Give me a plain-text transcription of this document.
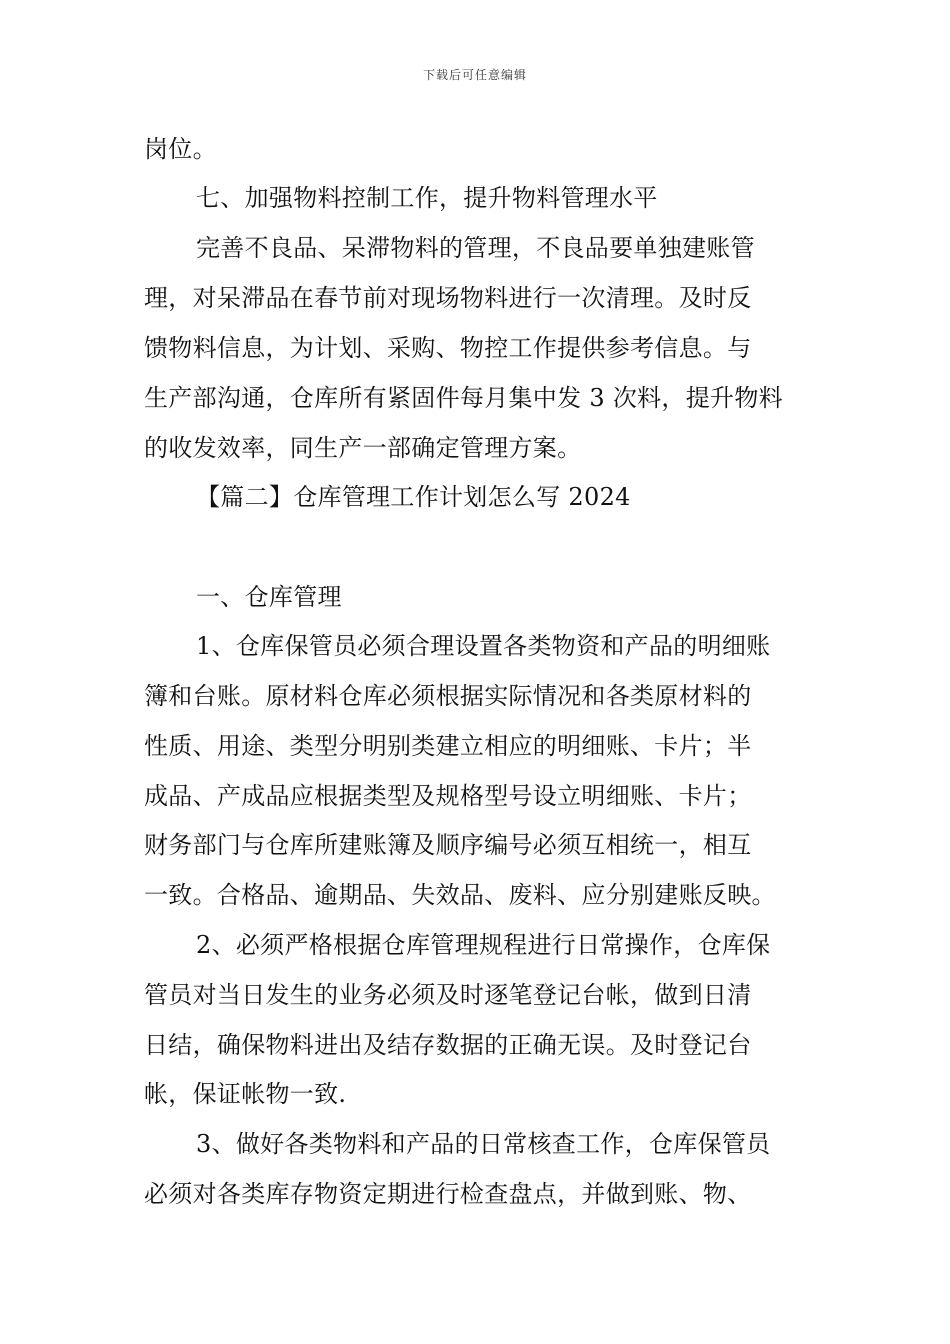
下载后可任意编辑
岗位。
七、加强物料控制工作，提升物料管理水平
完善不良品、呆滞物料的管理，不良品要单独建账管
理，对呆滞品在春节前对现场物料进行一次清理。及时反
馈物料信息，为计划、采购、物控工作提供参考信息。与
生产部沟通，仓库所有紧固件每月集中发 3 次料，提升物料
的收发效率，同生产一部确定管理方案。
【篇二】仓库管理工作计划怎么写 2024
一、仓库管理
1、仓库保管员必须合理设置各类物资和产品的明细账
簿和台账。原材料仓库必须根据实际情况和各类原材料的
性质、用途、类型分明别类建立相应的明细账、卡片；半
成品、产成品应根据类型及规格型号设立明细账、卡片；
财务部门与仓库所建账簿及顺序编号必须互相统一，相互
一致。合格品、逾期品、失效品、废料、应分别建账反映。
2、必须严格根据仓库管理规程进行日常操作，仓库保
管员对当日发生的业务必须及时逐笔登记台帐，做到日清
日结，确保物料进出及结存数据的正确无误。及时登记台
帐，保证帐物一致.
3、做好各类物料和产品的日常核查工作，仓库保管员
必须对各类库存物资定期进行检查盘点，并做到账、物、
